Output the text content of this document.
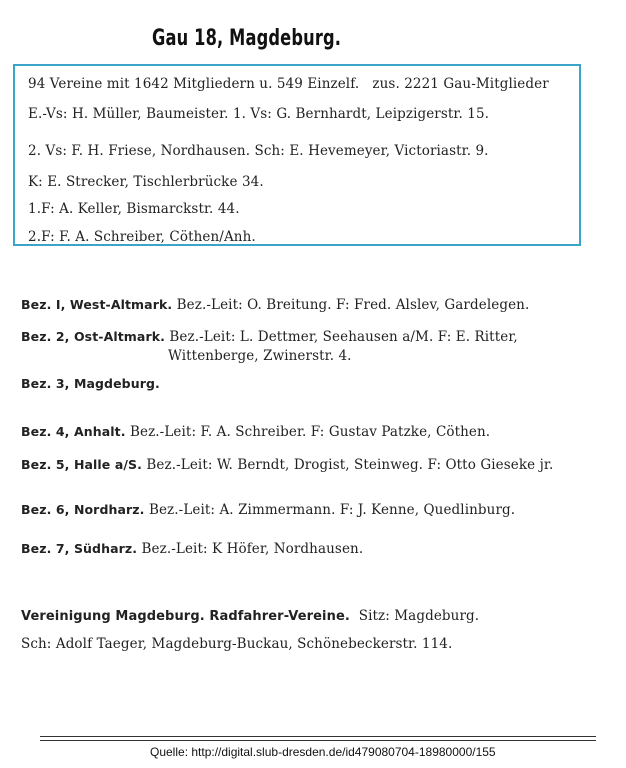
Gau 18, Magdeburg.
94 Vereine mit 1642 Mitgliedern u. 549 Einzelf. zus. 2221 Gau-Mitglieder
E.-Vs: H. Müller, Baumeister. 1. Vs: G. Bernhardt, Leipzigerstr. 15.
2. Vs: F. H. Friese, Nordhausen. Sch: E. Hevemeyer, Victoriastr. 9.
K: E. Strecker, Tischlerbrücke 34.
1.F: A. Keller, Bismarckstr. 44.
2.F: F. A. Schreiber, Cöthen/Anh.
Bez. I, West-Altmark. Bez.-Leit: O. Breitung. F: Fred. Alslev, Gardelegen.
Bez. 2, Ost-Altmark. Bez.-Leit: L. Dettmer, Seehausen a/M. F: E. Ritter,
Wittenberge, Zwinerstr. 4.
Bez. 3, Magdeburg.
Bez. 4, Anhalt. Bez.-Leit: F. A. Schreiber. F: Gustav Patzke, Cöthen.
Bez. 5, Halle a/S. Bez.-Leit: W. Berndt, Drogist, Steinweg. F: Otto Gieseke jr.
Bez. 6, Nordharz. Bez.-Leit: A. Zimmermann. F: J. Kenne, Quedlinburg.
Bez. 7, Südharz. Bez.-Leit: K Höfer, Nordhausen.
Vereinigung Magdeburg. Radfahrer-Vereine. Sitz: Magdeburg.
Sch: Adolf Taeger, Magdeburg-Buckau, Schönebeckerstr. 114.
Quelle: http://digital.slub-dresden.de/id479080704-18980000/155
